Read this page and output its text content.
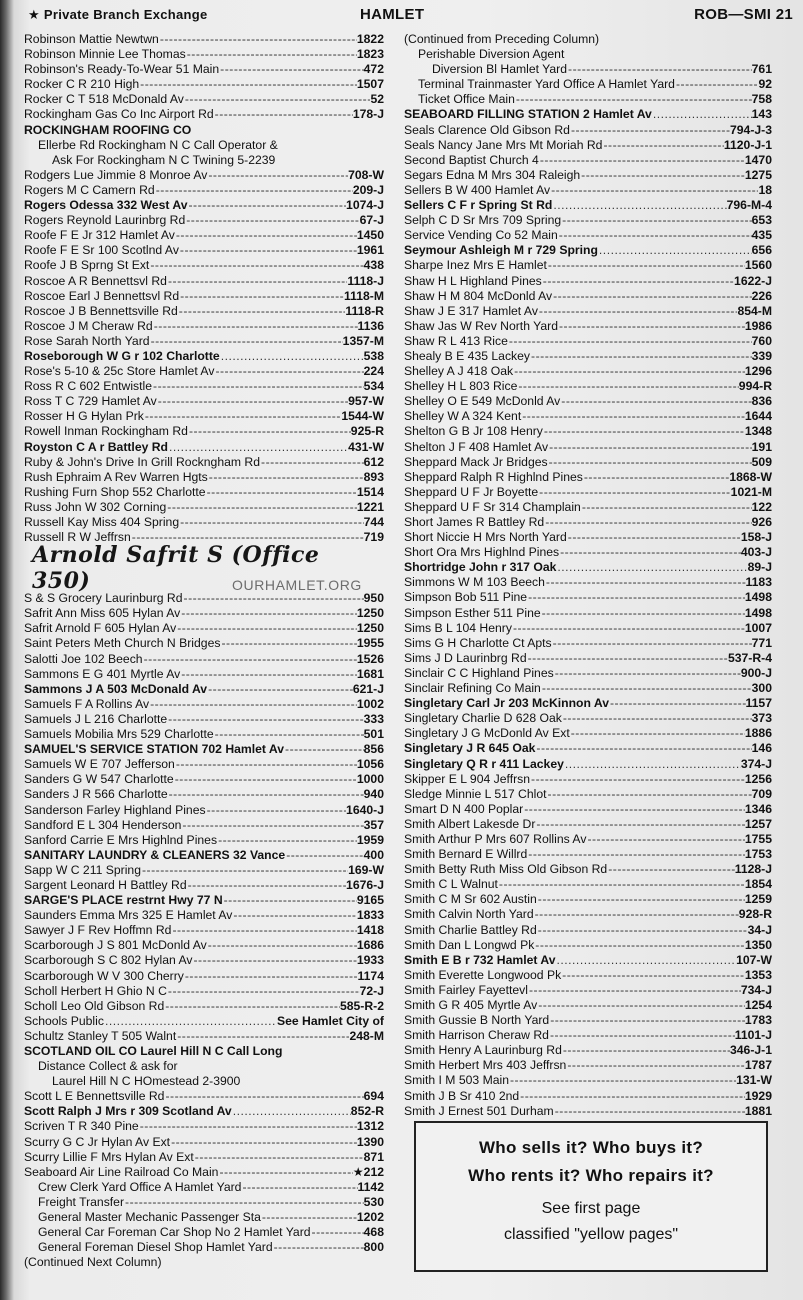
★ Private Branch Exchange	HAMLET	ROB—SMI 21
Robinson Mattie Newtwn -----	1822
Robinson Minnie Lee Thomas -----	1823
Robinson's Ready-To-Wear 51 Main -----	472
Rocker C R 210 High -----	1507
Rocker C T 518 McDonald Av -----	52
Rockingham Gas Co Inc Airport Rd -----	178-J
ROCKINGHAM ROOFING CO
Ellerbe Rd Rockingham N C Call Operator &
Ask For Rockingham N C Twining 5-2239
Rodgers Lue Jimmie 8 Monroe Av -----	708-W
Rogers M C Camern Rd -----	209-J
Rogers Odessa 332 West Av -----	1074-J
Rogers Reynold Laurinbrg Rd -----	67-J
Roofe F E Jr 312 Hamlet Av -----	1450
Roofe F E Sr 100 Scotlnd Av -----	1961
Roofe J B Sprng St Ext -----	438
Roscoe A R Bennettsvl Rd -----	1118-J
Roscoe Earl J Bennettsvl Rd -----	1118-M
Roscoe J B Bennettsville Rd -----	1118-R
Roscoe J M Cheraw Rd -----	1136
Rose Sarah North Yard -----	1357-M
Roseborough W G r 102 Charlotte .....	538
Rose's 5-10 & 25c Store Hamlet Av -----	224
Ross R C 602 Entwistle -----	534
Ross T C 729 Hamlet Av -----	957-W
Rosser H G Hylan Prk -----	1544-W
Rowell Inman Rockingham Rd -----	925-R
Royston C A r Battley Rd .....	431-W
Ruby & John's Drive In Grill Rockngham Rd -----	612
Rush Ephraim A Rev Warren Hgts -----	893
Rushing Furn Shop 552 Charlotte -----	1514
Russ John W 302 Corning -----	1221
Russell Kay Miss 404 Spring -----	744
Russell R W Jeffrsn -----	719
Arnold Safrit S (Office 350)
S & S Grocery Laurinburg Rd -----	950
Safrit Ann Miss 605 Hylan Av -----	1250
Safrit Arnold F 605 Hylan Av -----	1250
Saint Peters Meth Church N Bridges -----	1955
Salotti Joe 102 Beech -----	1526
Sammons E G 401 Myrtle Av -----	1681
Sammons J A 503 McDonald Av -----	621-J
Samuels F A Rollins Av -----	1002
Samuels J L 216 Charlotte -----	333
Samuels Mobilia Mrs 529 Charlotte -----	501
SAMUEL'S SERVICE STATION 702 Hamlet Av -----	856
Samuels W E 707 Jefferson -----	1056
Sanders G W 547 Charlotte -----	1000
Sanders J R 566 Charlotte -----	940
Sanderson Farley Highland Pines -----	1640-J
Sandford E L 304 Henderson -----	357
Sanford Carrie E Mrs Highlnd Pines -----	1959
SANITARY LAUNDRY & CLEANERS 32 Vance -----	400
Sapp W C 211 Spring -----	169-W
Sargent Leonard H Battley Rd -----	1676-J
SARGE'S PLACE restrnt Hwy 77 N -----	9165
Saunders Emma Mrs 325 E Hamlet Av -----	1833
Sawyer J F Rev Hoffmn Rd -----	1418
Scarborough J S 801 McDonld Av -----	1686
Scarborough S C 802 Hylan Av -----	1933
Scarborough W V 300 Cherry -----	1174
Scholl Herbert H Ghio N C -----	72-J
Scholl Leo Old Gibson Rd -----	585-R-2
Schools Public .....	See Hamlet City of
Schultz Stanley T 505 Walnt -----	248-M
SCOTLAND OIL CO Laurel Hill N C Call Long
Distance Collect & ask for
Laurel Hill N C HOmestead 2-3900
Scott L E Bennettsville Rd -----	694
Scott Ralph J Mrs r 309 Scotland Av .....	852-R
Scriven T R 340 Pine -----	1312
Scurry G C Jr Hylan Av Ext -----	1390
Scurry Lillie F Mrs Hylan Av Ext -----	871
Seaboard Air Line Railroad Co Main -----	★212
Crew Clerk Yard Office A Hamlet Yard -----	1142
Freight Transfer -----	530
General Master Mechanic Passenger Sta -----	1202
General Car Foreman Car Shop No 2 Hamlet Yard -----	468
General Foreman Diesel Shop Hamlet Yard -----	800
(Continued Next Column)
OURHAMLET.ORG
(Continued from Preceding Column)
Perishable Diversion Agent
Diversion Bl Hamlet Yard -----	761
Terminal Trainmaster Yard Office A Hamlet Yard -----	92
Ticket Office Main -----	758
SEABOARD FILLING STATION 2 Hamlet Av .....	143
Seals Clarence Old Gibson Rd -----	794-J-3
Seals Nancy Jane Mrs Mt Moriah Rd -----	1120-J-1
Second Baptist Church 4 -----	1470
Segars Edna M Mrs 304 Raleigh -----	1275
Sellers B W 400 Hamlet Av -----	18
Sellers C F r Spring St Rd .....	796-M-4
Selph C D Sr Mrs 709 Spring -----	653
Service Vending Co 52 Main -----	435
Seymour Ashleigh M r 729 Spring .....	656
Sharpe Inez Mrs E Hamlet -----	1560
Shaw H L Highland Pines -----	1622-J
Shaw H M 804 McDonld Av -----	226
Shaw J E 317 Hamlet Av -----	854-M
Shaw Jas W Rev North Yard -----	1986
Shaw R L 413 Rice -----	760
Shealy B E 435 Lackey -----	339
Shelley A J 418 Oak -----	1296
Shelley H L 803 Rice -----	994-R
Shelley O E 549 McDonld Av -----	836
Shelley W A 324 Kent -----	1644
Shelton G B Jr 108 Henry -----	1348
Shelton J F 408 Hamlet Av -----	191
Sheppard Mack Jr Bridges -----	509
Sheppard Ralph R Highlnd Pines -----	1868-W
Sheppard U F Jr Boyette -----	1021-M
Sheppard U F Sr 314 Champlain -----	122
Short James R Battley Rd -----	926
Short Niccie H Mrs North Yard -----	158-J
Short Ora Mrs Highlnd Pines -----	403-J
Shortridge John r 317 Oak .....	89-J
Simmons W M 103 Beech -----	1183
Simpson Bob 511 Pine -----	1498
Simpson Esther 511 Pine -----	1498
Sims B L 104 Henry -----	1007
Sims G H Charlotte Ct Apts -----	771
Sims J D Laurinbrg Rd -----	537-R-4
Sinclair C C Highland Pines -----	900-J
Sinclair Refining Co Main -----	300
Singletary Carl Jr 203 McKinnon Av -----	1157
Singletary Charlie D 628 Oak -----	373
Singletary J G McDonld Av Ext -----	1886
Singletary J R 645 Oak -----	146
Singletary Q R r 411 Lackey .....	374-J
Skipper E L 904 Jeffrsn -----	1256
Sledge Minnie L 517 Chlot -----	709
Smart D N 400 Poplar -----	1346
Smith Albert Lakesde Dr -----	1257
Smith Arthur P Mrs 607 Rollins Av -----	1755
Smith Bernard E Willrd -----	1753
Smith Betty Ruth Miss Old Gibson Rd -----	1128-J
Smith C L Walnut -----	1854
Smith C M Sr 602 Austin -----	1259
Smith Calvin North Yard -----	928-R
Smith Charlie Battley Rd -----	34-J
Smith Dan L Longwd Pk -----	1350
Smith E B r 732 Hamlet Av .....	107-W
Smith Everette Longwood Pk -----	1353
Smith Fairley Fayettevl -----	734-J
Smith G R 405 Myrtle Av -----	1254
Smith Gussie B North Yard -----	1783
Smith Harrison Cheraw Rd -----	1101-J
Smith Henry A Laurinburg Rd -----	346-J-1
Smith Herbert Mrs 403 Jeffrsn -----	1787
Smith I M 503 Main -----	131-W
Smith J B Sr 410 2nd -----	1929
Smith J Ernest 501 Durham -----	1881
Who sells it? Who buys it?
Who rents it? Who repairs it?
See first page
classified "yellow pages"
